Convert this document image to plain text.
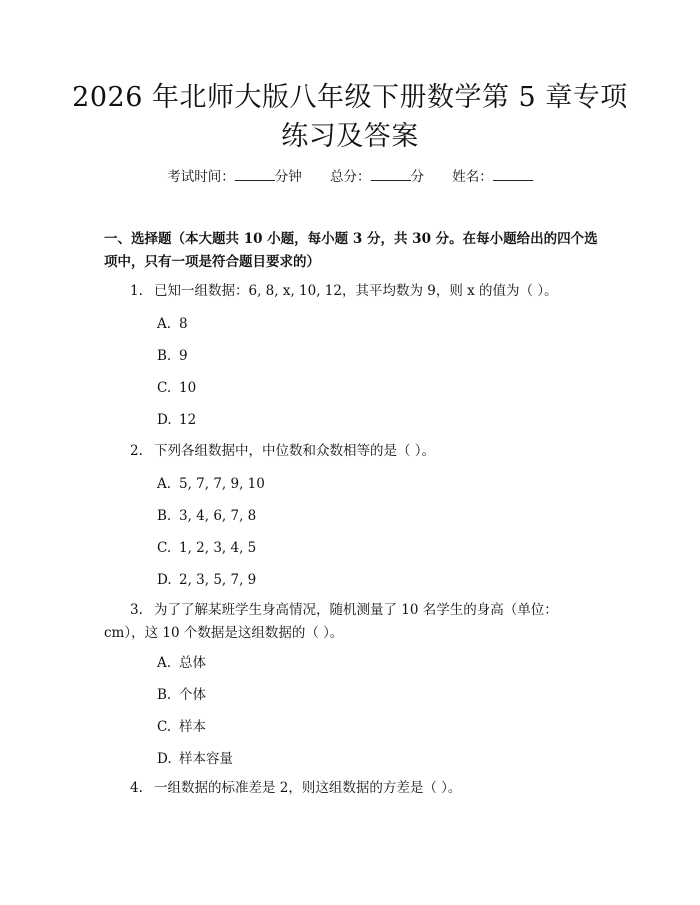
2026 年北师大版八年级下册数学第 5 章专项
练习及答案
考试时间：	分钟 总分：	分 姓名：
一、选择题（本大题共 10 小题，每小题 3 分，共 30 分。在每小题给出的四个选
项中，只有一项是符合题目要求的）
1. 已知一组数据：6, 8, x, 10, 12，其平均数为 9，则 x 的值为（ ）。
A. 8
B. 9
C. 10
D. 12
2. 下列各组数据中，中位数和众数相等的是（ ）。
A. 5, 7, 7, 9, 10
B. 3, 4, 6, 7, 8
C. 1, 2, 3, 4, 5
D. 2, 3, 5, 7, 9
3. 为了了解某班学生身高情况，随机测量了 10 名学生的身高（单位：
cm），这 10 个数据是这组数据的（ ）。
A. 总体
B. 个体
C. 样本
D. 样本容量
4. 一组数据的标准差是 2，则这组数据的方差是（ ）。
